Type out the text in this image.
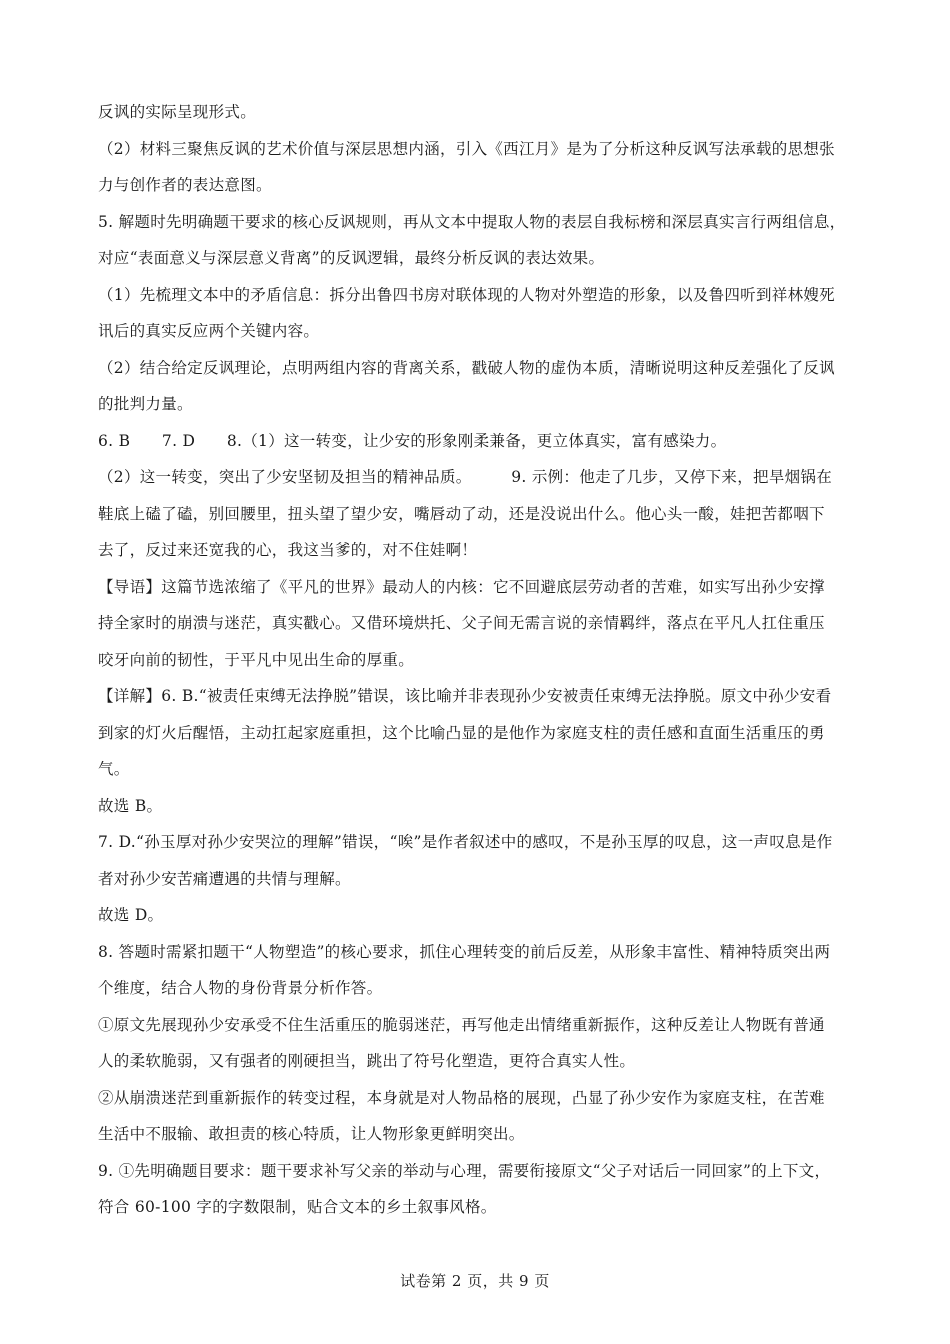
反讽的实际呈现形式。
（2）材料三聚焦反讽的艺术价值与深层思想内涵，引入《西江月》是为了分析这种反讽写法承载的思想张
力与创作者的表达意图。
5. 解题时先明确题干要求的核心反讽规则，再从文本中提取人物的表层自我标榜和深层真实言行两组信息，
对应“表面意义与深层意义背离”的反讽逻辑，最终分析反讽的表达效果。
（1）先梳理文本中的矛盾信息：拆分出鲁四书房对联体现的人物对外塑造的形象，以及鲁四听到祥林嫂死
讯后的真实反应两个关键内容。
（2）结合给定反讽理论，点明两组内容的背离关系，戳破人物的虚伪本质，清晰说明这种反差强化了反讽
的批判力量。
6. B　　7. D　　8.（1）这一转变，让少安的形象刚柔兼备，更立体真实，富有感染力。
（2）这一转变，突出了少安坚韧及担当的精神品质。　　　9. 示例：他走了几步，又停下来，把旱烟锅在
鞋底上磕了磕，别回腰里，扭头望了望少安，嘴唇动了动，还是没说出什么。他心头一酸，娃把苦都咽下
去了，反过来还宽我的心，我这当爹的，对不住娃啊！
【导语】这篇节选浓缩了《平凡的世界》最动人的内核：它不回避底层劳动者的苦难，如实写出孙少安撑
持全家时的崩溃与迷茫，真实戳心。又借环境烘托、父子间无需言说的亲情羁绊，落点在平凡人扛住重压
咬牙向前的韧性，于平凡中见出生命的厚重。
【详解】6. B.“被责任束缚无法挣脱”错误，该比喻并非表现孙少安被责任束缚无法挣脱。原文中孙少安看
到家的灯火后醒悟，主动扛起家庭重担，这个比喻凸显的是他作为家庭支柱的责任感和直面生活重压的勇
气。
故选 B。
7. D.“孙玉厚对孙少安哭泣的理解”错误，“唉”是作者叙述中的感叹，不是孙玉厚的叹息，这一声叹息是作
者对孙少安苦痛遭遇的共情与理解。
故选 D。
8. 答题时需紧扣题干“人物塑造”的核心要求，抓住心理转变的前后反差，从形象丰富性、精神特质突出两
个维度，结合人物的身份背景分析作答。
①原文先展现孙少安承受不住生活重压的脆弱迷茫，再写他走出情绪重新振作，这种反差让人物既有普通
人的柔软脆弱，又有强者的刚硬担当，跳出了符号化塑造，更符合真实人性。
②从崩溃迷茫到重新振作的转变过程，本身就是对人物品格的展现，凸显了孙少安作为家庭支柱，在苦难
生活中不服输、敢担责的核心特质，让人物形象更鲜明突出。
9. ①先明确题目要求：题干要求补写父亲的举动与心理，需要衔接原文“父子对话后一同回家”的上下文，
符合 60-100 字的字数限制，贴合文本的乡土叙事风格。
试卷第 2 页，共 9 页
